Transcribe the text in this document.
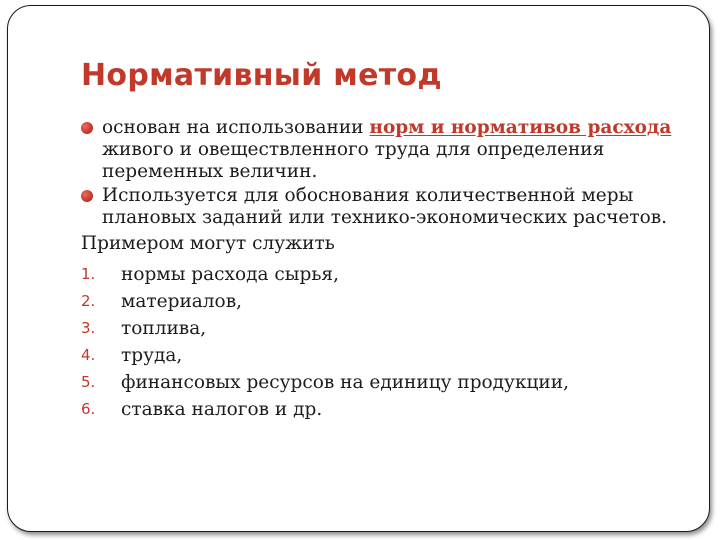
Нормативный метод

основан на использовании норм и нормативов расхода живого и овеществленного труда для определения переменных величин.

Используется для обоснования количественной меры плановых заданий или технико-экономических расчетов.

Примером могут служить

1. нормы расхода сырья,
2. материалов,
3. топлива,
4. труда,
5. финансовых ресурсов на единицу продукции,
6. ставка налогов и др.
